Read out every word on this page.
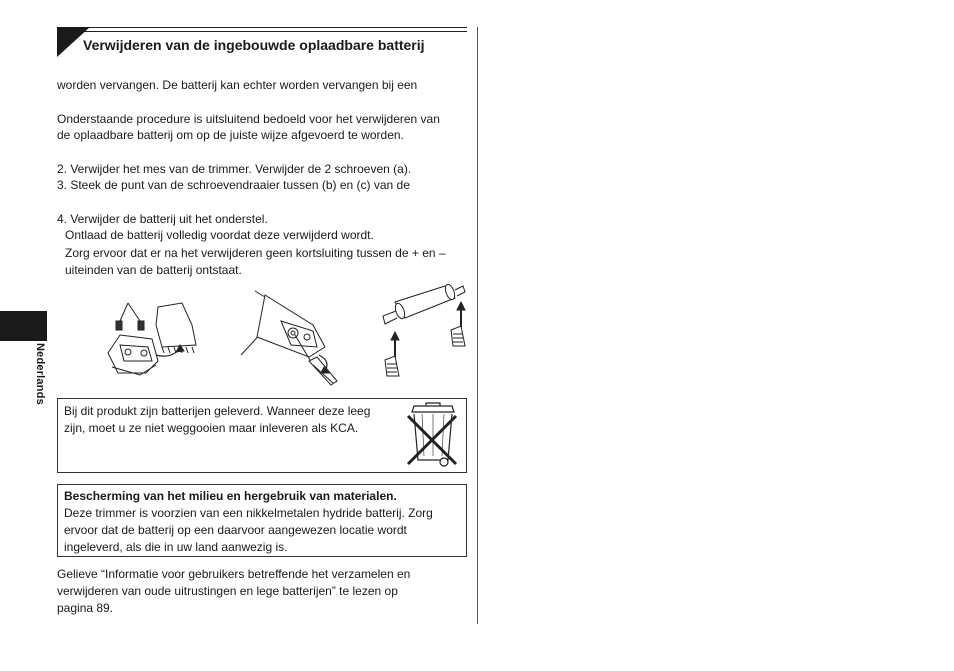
Verwijderen van de ingebouwde oplaadbare batterij
Nederlands
worden vervangen. De batterij kan echter worden vervangen bij een
Onderstaande procedure is uitsluitend bedoeld voor het verwijderen van
de oplaadbare batterij om op de juiste wijze afgevoerd te worden.
2. Verwijder het mes van de trimmer. Verwijder de 2 schroeven (a).
3. Steek de punt van de schroevendraaier tussen (b) en (c) van de
4. Verwijder de batterij uit het onderstel.
Ontlaad de batterij volledig voordat deze verwijderd wordt.
Zorg ervoor dat er na het verwijderen geen kortsluiting tussen de + en –
uiteinden van de batterij ontstaat.
Bij dit produkt zijn batterijen geleverd. Wanneer deze leeg
zijn, moet u ze niet weggooien maar inleveren als KCA.
Bescherming van het milieu en hergebruik van materialen.
Deze trimmer is voorzien van een nikkelmetalen hydride batterij. Zorg
ervoor dat de batterij op een daarvoor aangewezen locatie wordt
ingeleverd, als die in uw land aanwezig is.
Gelieve “Informatie voor gebruikers betreffende het verzamelen en
verwijderen van oude uitrustingen en lege batterijen” te lezen op
pagina 89.
